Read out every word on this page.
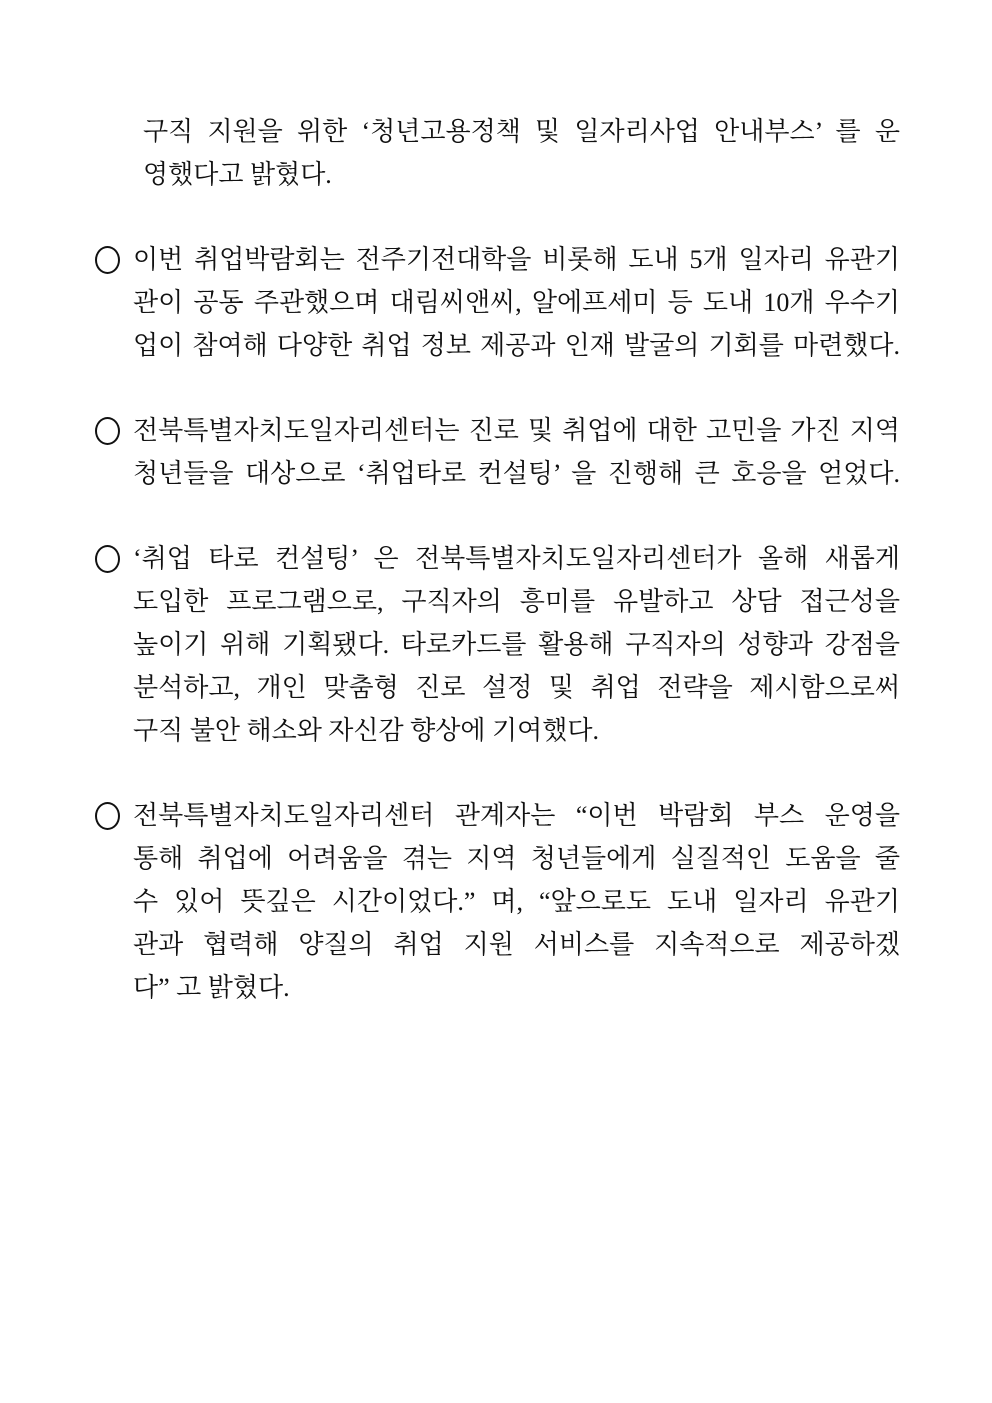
구직 지원을 위한 ‘청년고용정책 및 일자리사업 안내부스’ 를 운
영했다고 밝혔다.
이번 취업박람회는 전주기전대학을 비롯해 도내 5개 일자리 유관기
관이 공동 주관했으며 대림씨앤씨, 알에프세미 등 도내 10개 우수기
업이 참여해 다양한 취업 정보 제공과 인재 발굴의 기회를 마련했다.
전북특별자치도일자리센터는 진로 및 취업에 대한 고민을 가진 지역
청년들을 대상으로 ‘취업타로 컨설팅’ 을 진행해 큰 호응을 얻었다.
‘취업 타로 컨설팅’ 은 전북특별자치도일자리센터가 올해 새롭게
도입한 프로그램으로, 구직자의 흥미를 유발하고 상담 접근성을
높이기 위해 기획됐다. 타로카드를 활용해 구직자의 성향과 강점을
분석하고, 개인 맞춤형 진로 설정 및 취업 전략을 제시함으로써
구직 불안 해소와 자신감 향상에 기여했다.
전북특별자치도일자리센터 관계자는 “이번 박람회 부스 운영을
통해 취업에 어려움을 겪는 지역 청년들에게 실질적인 도움을 줄
수 있어 뜻깊은 시간이었다.” 며, “앞으로도 도내 일자리 유관기
관과 협력해 양질의 취업 지원 서비스를 지속적으로 제공하겠
다” 고 밝혔다.
